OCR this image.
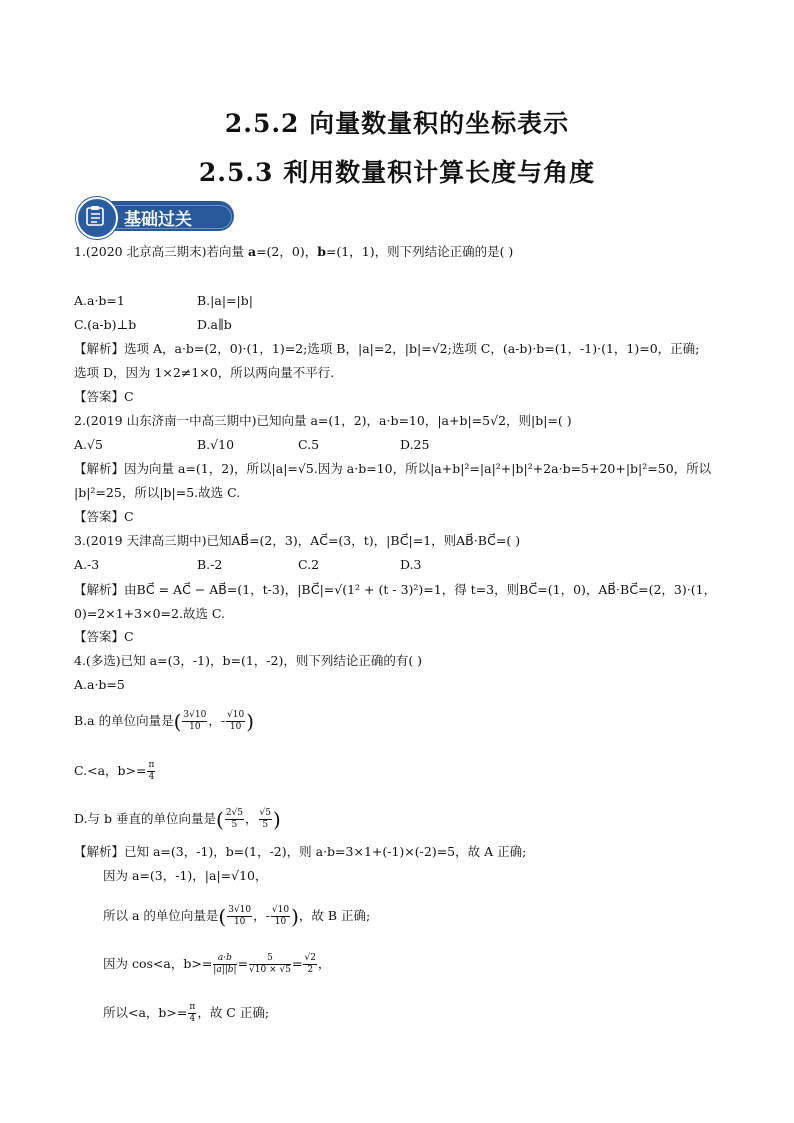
2.5.2 向量数量积的坐标表示
2.5.3 利用数量积计算长度与角度
基础过关
1.(2020 北京高三期末)若向量 a=(2，0)，b=(1，1)，则下列结论正确的是( )
A.a·b=1	B.|a|=|b|
C.(a-b)⊥b	D.a∥b
【解析】选项 A，a·b=(2，0)·(1，1)=2;选项 B，|a|=2，|b|=√2;选项 C，(a-b)·b=(1，-1)·(1，1)=0，正确;
选项 D，因为 1×2≠1×0，所以两向量不平行.
【答案】C
2.(2019 山东济南一中高三期中)已知向量 a=(1，2)，a·b=10，|a+b|=5√2，则|b|=( )
A.√5	B.√10	C.5	D.25
【解析】因为向量 a=(1，2)，所以|a|=√5.因为 a·b=10，所以|a+b|²=|a|²+|b|²+2a·b=5+20+|b|²=50，所以
|b|²=25，所以|b|=5.故选 C.
【答案】C
3.(2019 天津高三期中)已知AB⃗=(2，3)，AC⃗=(3，t)，|BC⃗|=1，则AB⃗·BC⃗=( )
A.-3	B.-2	C.2	D.3
【解析】由BC⃗ = AC⃗ − AB⃗=(1，t-3)，|BC⃗|=√(1² + (t - 3)²)=1，得 t=3，则BC⃗=(1，0)，AB⃗·BC⃗=(2，3)·(1，
0)=2×1+3×0=2.故选 C.
【答案】C
4.(多选)已知 a=(3，-1)，b=(1，-2)，则下列结论正确的有( )
A.a·b=5
B.a 的单位向量是( $\frac{3√10}{10}$ ，- $\frac{√10}{10}$ )
C.<a，$b>= \frac{\pi}{4}$
D.与 b 垂直的单位向量是( $\frac{2√5}{5}$ ， $\frac{√5}{5}$ )
【解析】已知 a=(3，-1)，b=(1，-2)，则 a·b=3×1+(-1)×(-2)=5，故 A 正确;
因为 a=(3，-1)，|a|=√10，
所以 a 的单位向量是( $\frac{3√10}{10}$ ，- $\frac{√10}{10}$ )，故 B 正确;
因为 cos<a，$b>= \frac{a\cdot b}{|a||b|} = \frac{5}{√10 \times √5} = \frac{√2}{2}$ ，
所以<a，$b>= \frac{\pi}{4}$ ，故 C 正确;
